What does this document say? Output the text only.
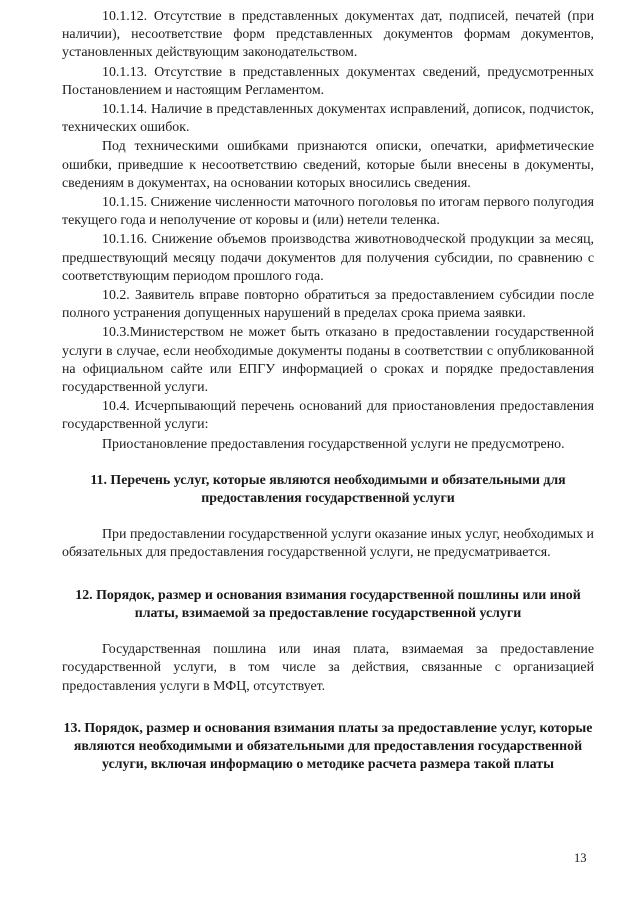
10.1.12. Отсутствие в представленных документах дат, подписей, печатей (при наличии), несоответствие форм представленных документов формам документов, установленных действующим законодательством.

10.1.13. Отсутствие в представленных документах сведений, предусмотренных Постановлением и настоящим Регламентом.

10.1.14. Наличие в представленных документах исправлений, дописок, подчисток, технических ошибок.

Под техническими ошибками признаются описки, опечатки, арифметические ошибки, приведшие к несоответствию сведений, которые были внесены в документы, сведениям в документах, на основании которых вносились сведения.

10.1.15. Снижение численности маточного поголовья по итогам первого полугодия текущего года и неполучение от коровы и (или) нетели теленка.

10.1.16. Снижение объемов производства животноводческой продукции за месяц, предшествующий месяцу подачи документов для получения субсидии, по сравнению с соответствующим периодом прошлого года.

10.2. Заявитель вправе повторно обратиться за предоставлением субсидии после полного устранения допущенных нарушений в пределах срока приема заявки.

10.3.Министерством не может быть отказано в предоставлении государственной услуги в случае, если необходимые документы поданы в соответствии с опубликованной на официальном сайте или ЕПГУ информацией о сроках и порядке предоставления государственной услуги.

10.4. Исчерпывающий перечень оснований для приостановления предоставления государственной услуги:

Приостановление предоставления государственной услуги не предусмотрено.

11. Перечень услуг, которые являются необходимыми и обязательными для предоставления государственной услуги

При предоставлении государственной услуги оказание иных услуг, необходимых и обязательных для предоставления государственной услуги, не предусматривается.

12. Порядок, размер и основания взимания государственной пошлины или иной платы, взимаемой за предоставление государственной услуги

Государственная пошлина или иная плата, взимаемая за предоставление государственной услуги, в том числе за действия, связанные с организацией предоставления услуги в МФЦ, отсутствует.

13. Порядок, размер и основания взимания платы за предоставление услуг, которые являются необходимыми и обязательными для предоставления государственной услуги, включая информацию о методике расчета размера такой платы

13
